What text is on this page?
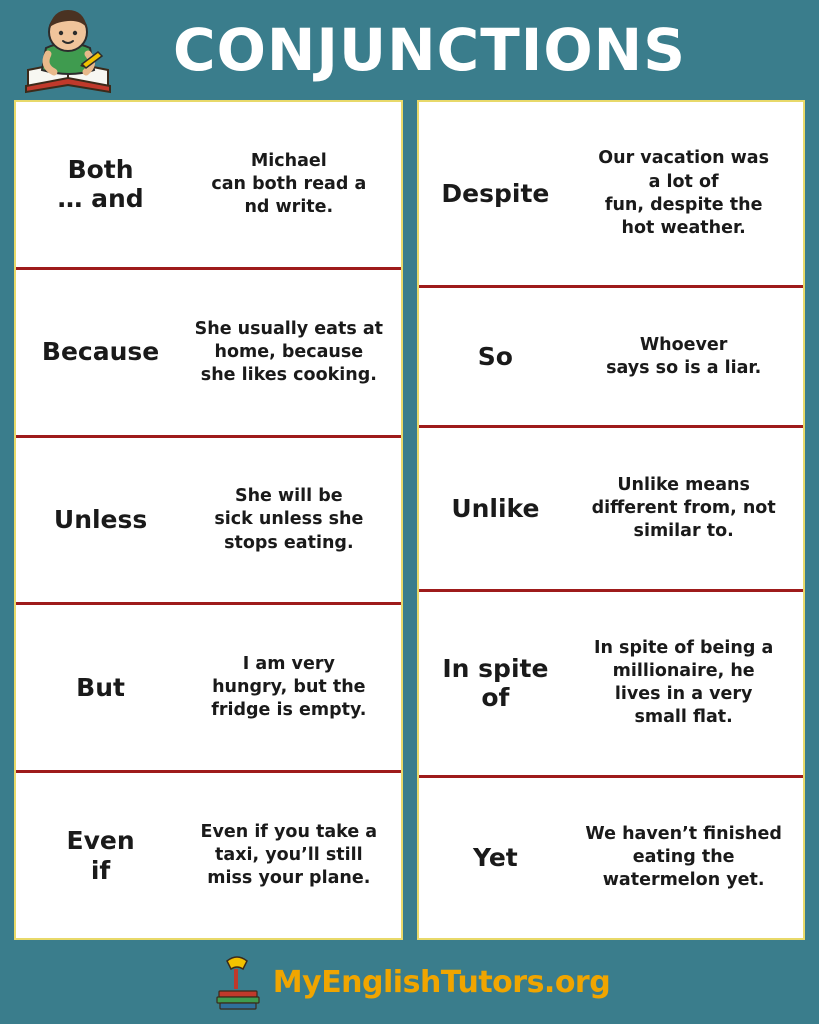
CONJUNCTIONS
Both
… and
Michael
can both read a
nd write.
Because
She usually eats at
home, because
she likes cooking.
Unless
She will be
sick unless she
stops eating.
But
I am very
hungry, but the
fridge is empty.
Even
if
Even if you take a
taxi, you’ll still
miss your plane.
Despite
Our vacation was
a lot of
fun, despite the
hot weather.
So	Whoever
says so is a liar.
Unlike
Unlike means
different from, not
similar to.
In spite
of
In spite of being a
millionaire, he
lives in a very
small flat.
Yet
We haven’t finished
eating the
watermelon yet.
MyEnglishTutors.org
